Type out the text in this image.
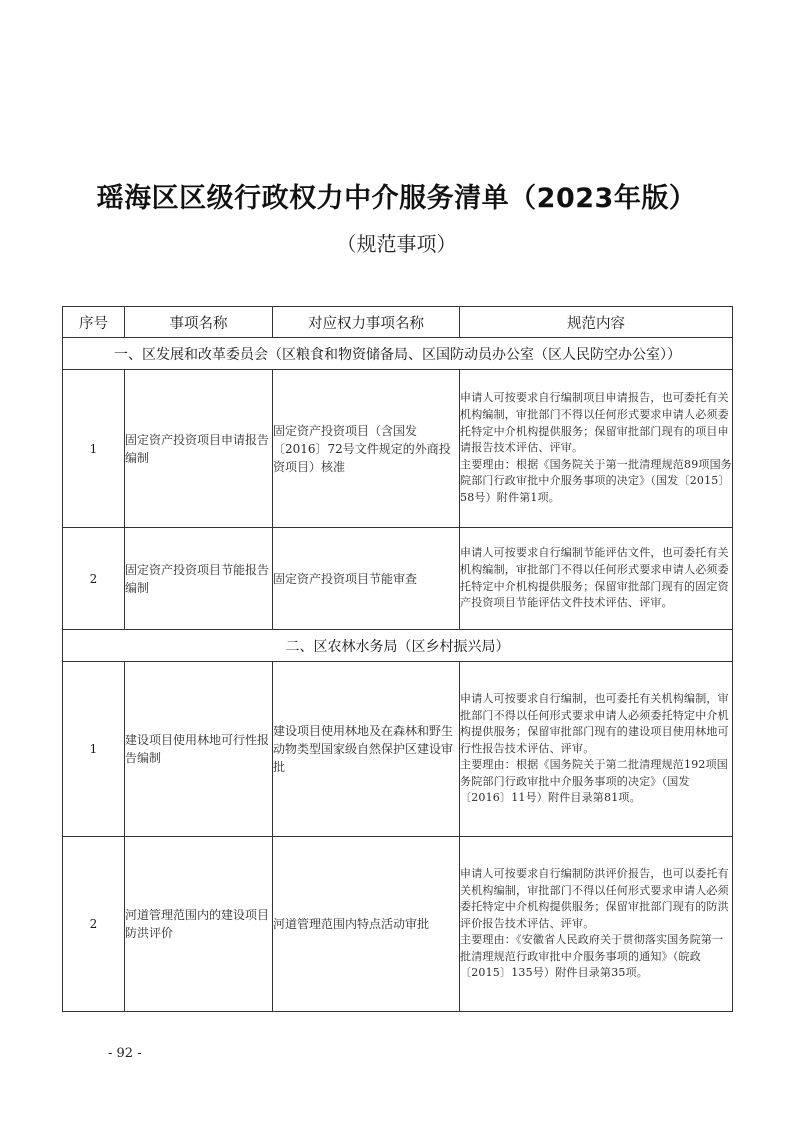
瑶海区区级行政权力中介服务清单（2023年版）
（规范事项）
序号	事项名称	对应权力事项名称	规范内容
一、区发展和改革委员会（区粮食和物资储备局、区国防动员办公室（区人民防空办公室））			
1	固定资产投资项目申请报告编制	固定资产投资项目（含国发〔2016〕72号文件规定的外商投资项目）核准	申请人可按要求自行编制项目申请报告，也可委托有关机构编制，审批部门不得以任何形式要求申请人必须委托特定中介机构提供服务；保留审批部门现有的项目申请报告技术评估、评审。
主要理由：根据《国务院关于第一批清理规范89项国务院部门行政审批中介服务事项的决定》（国发〔2015〕58号）附件第1项。

2	固定资产投资项目节能报告编制	固定资产投资项目节能审查	申请人可按要求自行编制节能评估文件，也可委托有关机构编制，审批部门不得以任何形式要求申请人必须委托特定中介机构提供服务；保留审批部门现有的固定资产投资项目节能评估文件技术评估、评审。

二、区农林水务局（区乡村振兴局）			
1	建设项目使用林地可行性报告编制	建设项目使用林地及在森林和野生动物类型国家级自然保护区建设审批	申请人可按要求自行编制，也可委托有关机构编制，审批部门不得以任何形式要求申请人必须委托特定中介机构提供服务；保留审批部门现有的建设项目使用林地可行性报告技术评估、评审。
主要理由：根据《国务院关于第二批清理规范192项国务院部门行政审批中介服务事项的决定》（国发〔2016〕11号）附件目录第81项。

2	河道管理范围内的建设项目防洪评价	河道管理范围内特点活动审批	申请人可按要求自行编制防洪评价报告，也可以委托有关机构编制，审批部门不得以任何形式要求申请人必须委托特定中介机构提供服务；保留审批部门现有的防洪评价报告技术评估、评审。
主要理由：《安徽省人民政府关于贯彻落实国务院第一批清理规范行政审批中介服务事项的通知》（皖政〔2015〕135号）附件目录第35项。
- 92 -
